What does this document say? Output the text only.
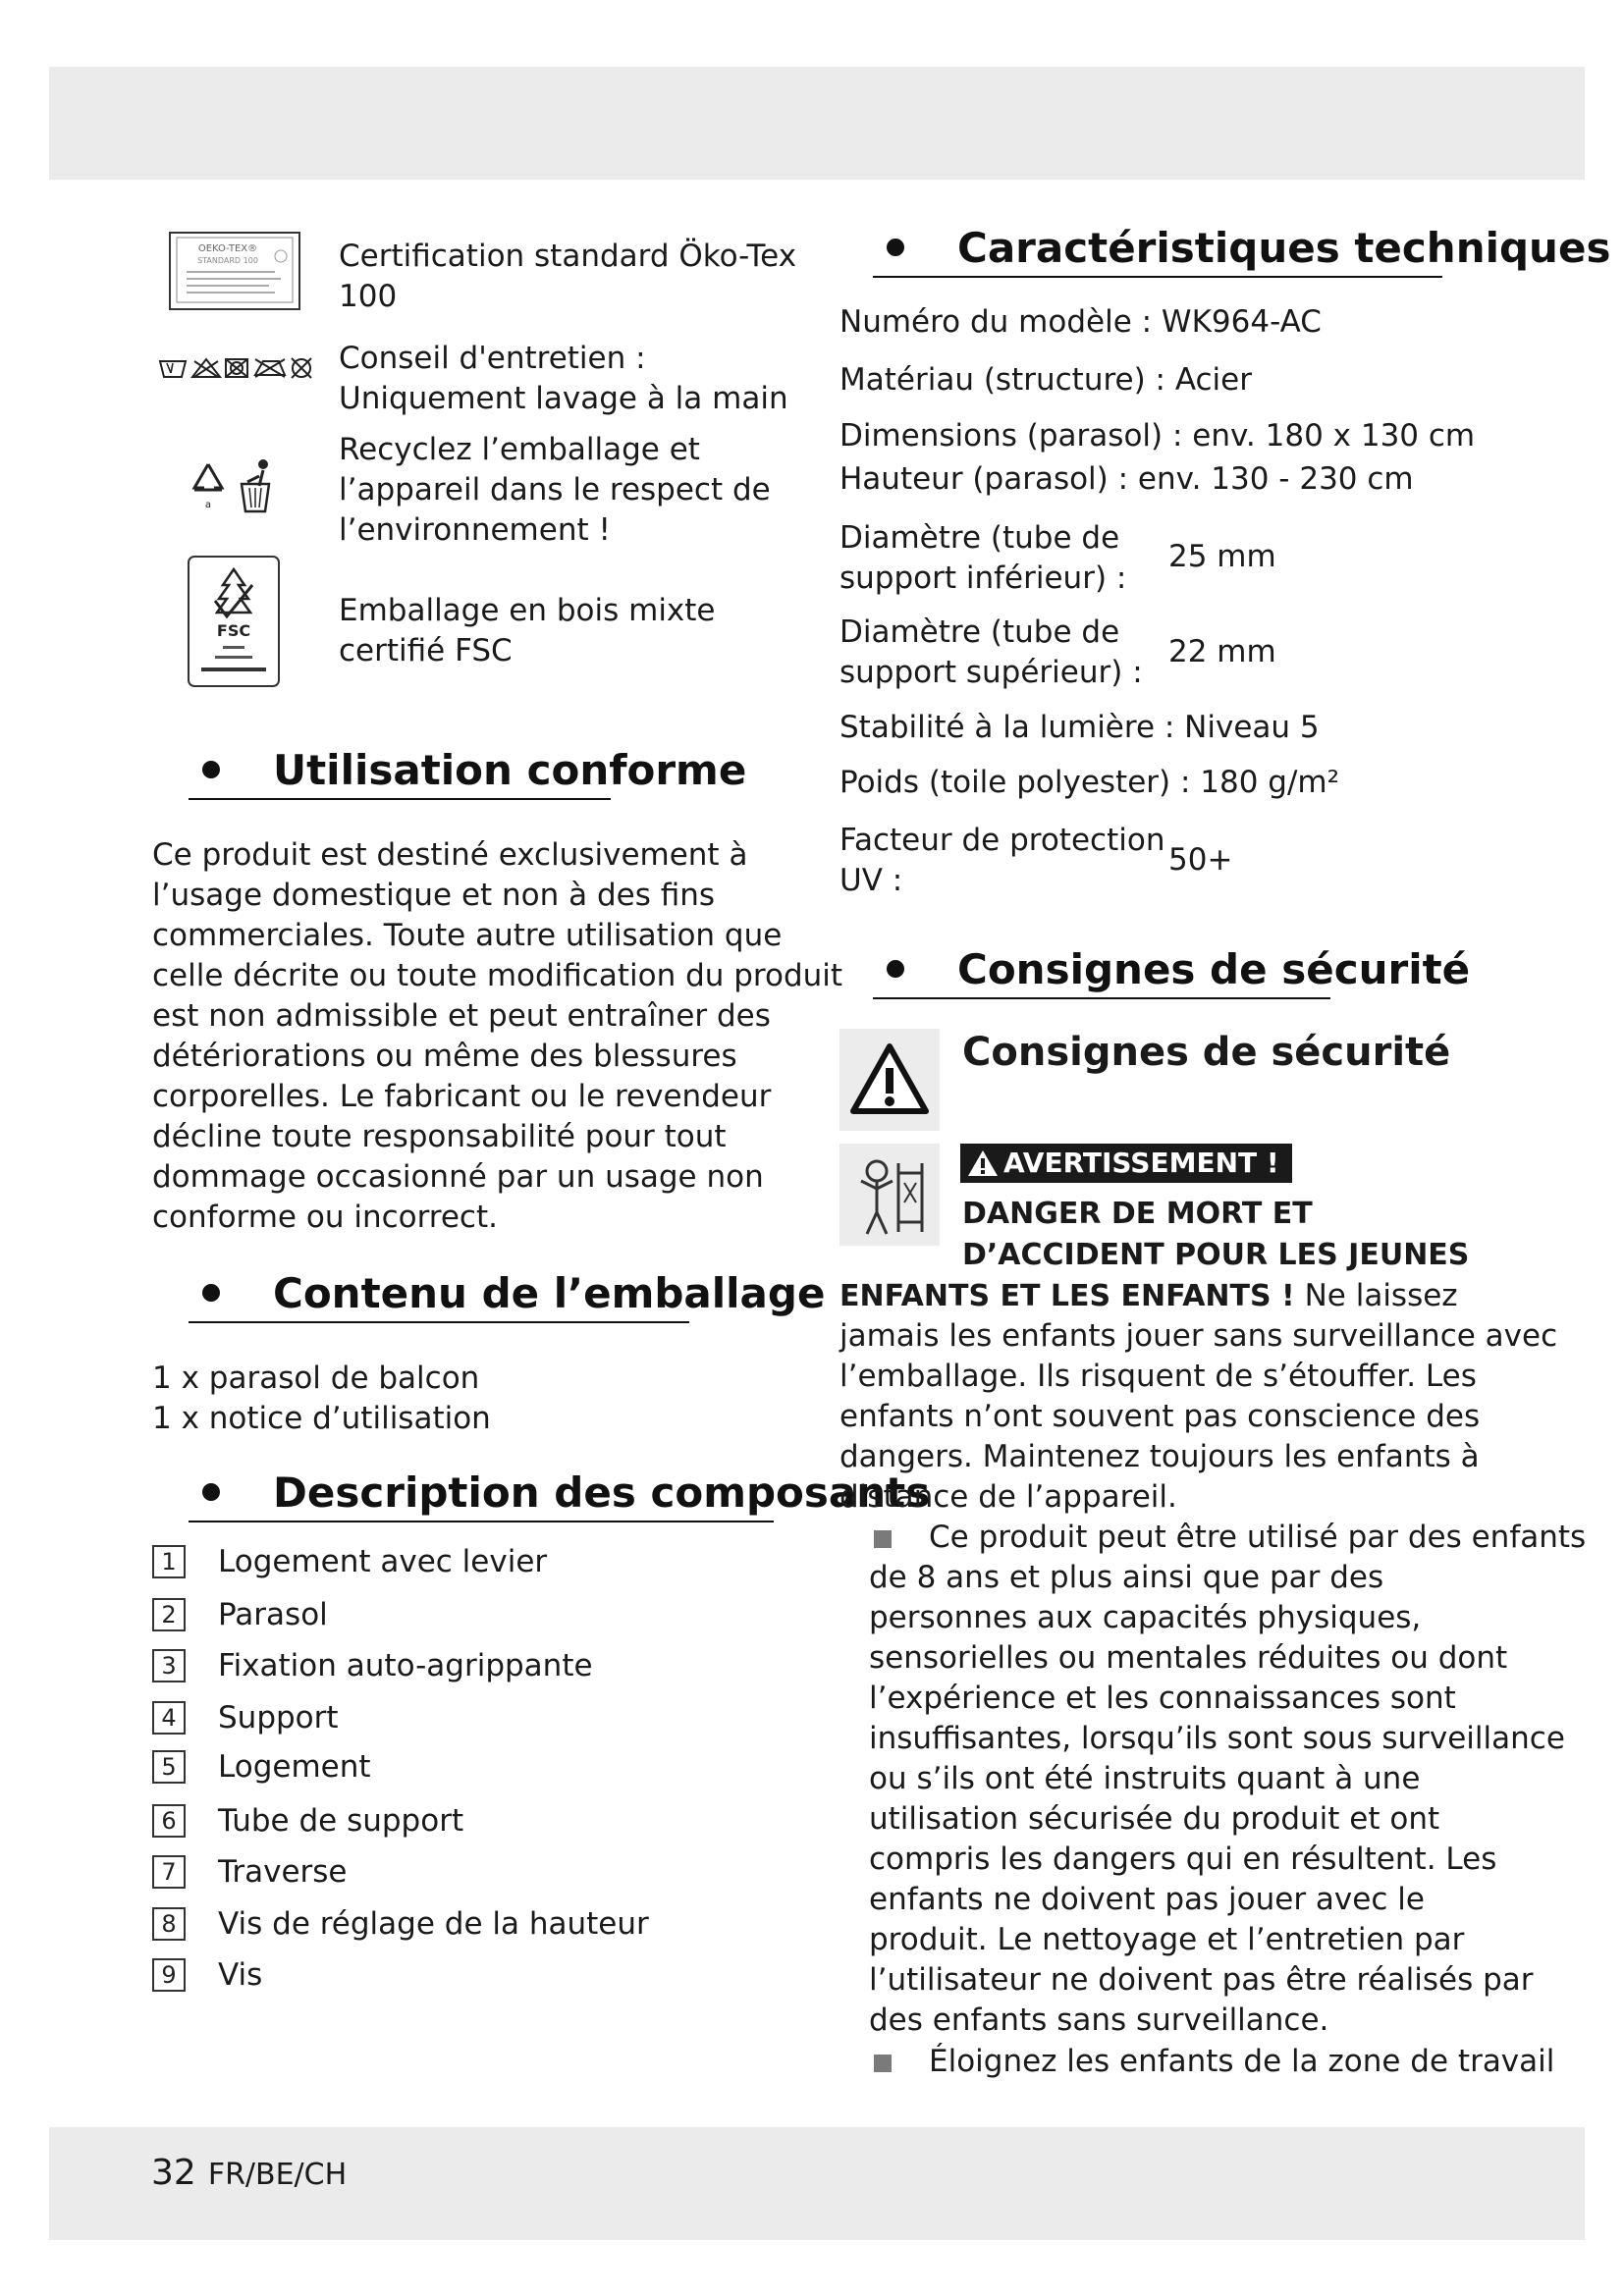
32 FR/BE/CH
OEKO-TEX®
STANDARD 100	Certification standard Öko-Tex
100
Conseil d'entretien :
Uniquement lavage à la main
a
Recyclez l’emballage et
l’appareil dans le respect de
l’environnement !
FSC
Emballage en bois mixte
certifié FSC
Utilisation conforme
Ce produit est destiné exclusivement à
l’usage domestique et non à des fins
commerciales. Toute autre utilisation que
celle décrite ou toute modification du produit
est non admissible et peut entraîner des
détériorations ou même des blessures
corporelles. Le fabricant ou le revendeur
décline toute responsabilité pour tout
dommage occasionné par un usage non
conforme ou incorrect.
Contenu de l’emballage
1 x parasol de balcon
1 x notice d’utilisation
Description des composants
1	Logement avec levier
2	Parasol
3	Fixation auto-agrippante
4	Support
5	Logement
6	Tube de support
7	Traverse
8	Vis de réglage de la hauteur
9	Vis
Caractéristiques techniques
Numéro du modèle : WK964-AC
Matériau (structure) : Acier
Dimensions (parasol) : env. 180 x 130 cm
Hauteur (parasol) : env. 130 - 230 cm
Diamètre (tube de
support inférieur) :
25 mm
Diamètre (tube de
support supérieur) :
22 mm
Stabilité à la lumière : Niveau 5
Poids (toile polyester) : 180 g/m²
Facteur de protection
UV :
50+
Consignes de sécurité
Consignes de sécurité
AVERTISSEMENT !
DANGER DE MORT ET
D’ACCIDENT POUR LES JEUNES
ENFANTS ET LES ENFANTS ! Ne laissez
jamais les enfants jouer sans surveillance avec
l’emballage. Ils risquent de s’étouffer. Les
enfants n’ont souvent pas conscience des
dangers. Maintenez toujours les enfants à
distance de l’appareil.
Ce produit peut être utilisé par des enfants
de 8 ans et plus ainsi que par des
personnes aux capacités physiques,
sensorielles ou mentales réduites ou dont
l’expérience et les connaissances sont
insuffisantes, lorsqu’ils sont sous surveillance
ou s’ils ont été instruits quant à une
utilisation sécurisée du produit et ont
compris les dangers qui en résultent. Les
enfants ne doivent pas jouer avec le
produit. Le nettoyage et l’entretien par
l’utilisateur ne doivent pas être réalisés par
des enfants sans surveillance.
Éloignez les enfants de la zone de travail
